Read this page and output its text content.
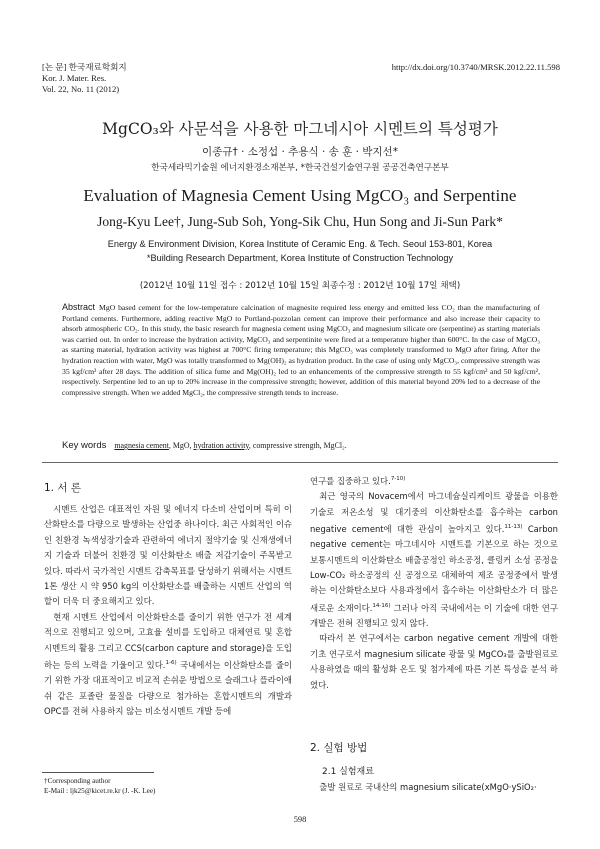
[논 문] 한국재료학회지
Kor. J. Mater. Res.
Vol. 22, No. 11 (2012)
http://dx.doi.org/10.3740/MRSK.2012.22.11.598
MgCO₃와 사문석을 사용한 마그네시아 시멘트의 특성평가
이종규† · 소정섭 · 추용식 · 송 훈 · 박지선*
한국세라믹기술원 에너지환경소재본부, *한국건설기술연구원 공공건축연구본부
Evaluation of Magnesia Cement Using MgCO₃ and Serpentine
Jong-Kyu Lee†, Jung-Sub Soh, Yong-Sik Chu, Hun Song and Ji-Sun Park*
Energy & Environment Division, Korea Institute of Ceramic Eng. & Tech. Seoul 153-801, Korea
*Building Research Department, Korea Institute of Construction Technology
(2012년 10월 11일 접수 : 2012년 10월 15일 최종수정 : 2012년 10월 17일 채택)
Abstract MgO based cement for the low-temperature calcination of magnesite required less energy and emitted less CO₂ than the manufacturing of Portland cements. Furthermore, adding reactive MgO to Portland-pozzolan cement can improve their performance and also increase their capacity to absorb atmospheric CO₂. In this study, the basic research for magnesia cement using MgCO₃ and magnesium silicate ore (serpentine) as starting materials was carried out. In order to increase the hydration activity, MgCO₃ and serpentinite were fired at a temperature higher than 600°C. In the case of MgCO₃ as starting material, hydration activity was highest at 700°C firing temperature; this MgCO₃ was completely transformed to MgO after firing. After the hydration reaction with water, MgO was totally transformed to Mg(OH)₂ as hydration product. In the case of using only MgCO₃, compressive strength was 35 kgf/cm² after 28 days. The addition of silica fume and Mg(OH)₂ led to an enhancements of the compressive strength to 55 kgf/cm² and 50 kgf/cm², respectively. Serpentine led to an up to 20% increase in the compressive strength; however, addition of this material beyond 20% led to a decrease of the compressive strength. When we added MgCl₂, the compressive strength tends to increase.
Key words magnesia cement, MgO, hydration activity, compressive strength, MgCl₂.
1. 서 론

시멘트 산업은 대표적인 자원 및 에너지 다소비 산업이며 특히 이산화탄소를 다량으로 발생하는 산업중 하나이다. 최근 사회적인 이슈인 친환경 녹색성장기술과 관련하여 에너지 절약기술 및 신재생에너지 기술과 더불어 친환경 및 이산화탄소 배출 저감기술이 주목받고 있다. 따라서 국가적인 시멘트 감축목표를 달성하기 위해서는 시멘트 1톤 생산 시 약 950 kg의 이산화탄소를 배출하는 시멘트 산업의 역할이 더욱 더 중요해지고 있다.

현재 시멘트 산업에서 이산화탄소를 줄이기 위한 연구가 전 세계적으로 진행되고 있으며, 고효율 설비를 도입하고 대체연료 및 혼합시멘트의 활용 그리고 CCS(carbon capture and storage)을 도입하는 등의 노력을 기울이고 있다.$^{1-6)}$ 국내에서는 이산화탄소를 줄이기 위한 가장 대표적이고 비교적 손쉬운 방법으로 슬래그나 플라이애쉬 같은 포졸란 물질을 다량으로 첨가하는 혼합시멘트의 개발과 OPC를 전혀 사용하지 않는 비소성시멘트 개발 등에

†Corresponding author
E-Mail : ljk25@kicet.re.kr (J. -K. Lee)

연구를 집중하고 있다.$^{7-10)}$

최근 영국의 Novacem에서 마그네슘실리케이트 광물을 이용한 기술로 저온소성 및 대기중의 이산화탄소를 흡수하는 carbon negative cement에 대한 관심이 높아지고 있다.$^{11-13)}$ Carbon negative cement는 마그네시아 시멘트를 기본으로 하는 것으로 보통시멘트의 이산화탄소 배출공정인 하소공정, 클링커 소성 공정을 Low-CO₂ 하소공정의 신 공정으로 대체하여 제조 공정중에서 발생하는 이산화탄소보다 사용과정에서 흡수하는 이산화탄소가 더 많은 새로운 소재이다.$^{14-16)}$ 그러나 아직 국내에서는 이 기술에 대한 연구개발은 전혀 진행되고 있지 않다.

따라서 본 연구에서는 carbon negative cement 개발에 대한 기초 연구로서 magnesium silicate 광물 및 MgCO₃를 출발원료로 사용하였을 때의 활성화 온도 및 첨가제에 따른 기본 특성을 분석 하였다.

2. 실험 방법
2.1 실험재료

출발 원료로 국내산의 magnesium silicate(xMgO·ySiO₂·

598
